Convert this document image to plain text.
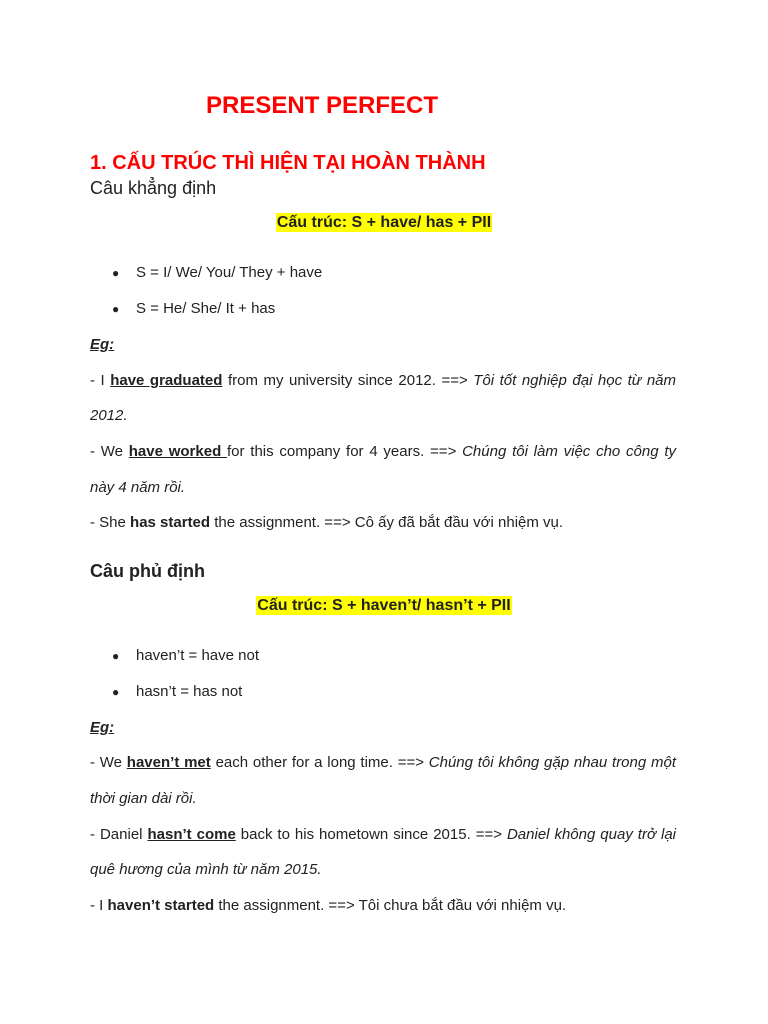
PRESENT PERFECT
1. CẤU TRÚC THÌ HIỆN TẠI HOÀN THÀNH
Câu khẳng định
Cấu trúc: S + have/ has + PII
● S = I/ We/ You/ They + have
● S = He/ She/ It + has
Eg:
- I have graduated from my university since 2012. ==> Tôi tốt nghiệp đại học từ năm
2012.
- We have worked for this company for 4 years. ==> Chúng tôi làm việc cho công ty
này 4 năm rồi.
- She has started the assignment. ==> Cô ấy đã bắt đầu với nhiệm vụ.
Câu phủ định
Cấu trúc: S + haven’t/ hasn’t + PII
● haven’t = have not
● hasn’t = has not
Eg:
- We haven’t met each other for a long time. ==> Chúng tôi không gặp nhau trong một
thời gian dài rồi.
- Daniel hasn’t come back to his hometown since 2015. ==> Daniel không quay trở lại
quê hương của mình từ năm 2015.
- I haven’t started the assignment. ==> Tôi chưa bắt đầu với nhiệm vụ.
